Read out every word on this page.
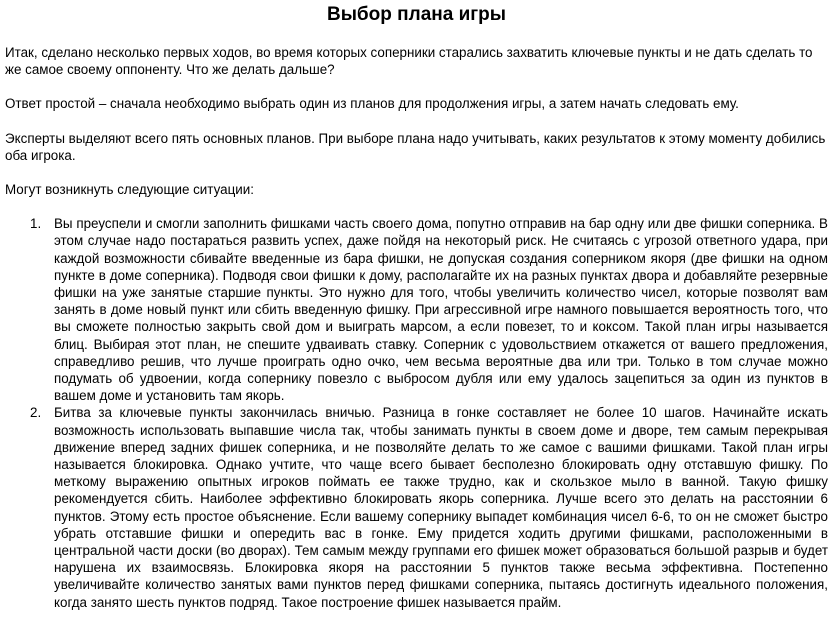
Выбор плана игры

Итак, сделано несколько первых ходов, во время которых соперники старались захватить ключевые пункты и не дать сделать то же самое своему оппоненту. Что же делать дальше?

Ответ простой – сначала необходимо выбрать один из планов для продолжения игры, а затем начать следовать ему.

Эксперты выделяют всего пять основных планов. При выборе плана надо учитывать, каких результатов к этому моменту добились оба игрока.

Могут возникнуть следующие ситуации:

1. Вы преуспели и смогли заполнить фишками часть своего дома, попутно отправив на бар одну или две фишки соперника. В этом случае надо постараться развить успех, даже пойдя на некоторый риск. Не считаясь с угрозой ответного удара, при каждой возможности сбивайте введенные из бара фишки, не допуская создания соперником якоря (две фишки на одном пункте в доме соперника). Подводя свои фишки к дому, располагайте их на разных пунктах двора и добавляйте резервные фишки на уже занятые старшие пункты. Это нужно для того, чтобы увеличить количество чисел, которые позволят вам занять в доме новый пункт или сбить введенную фишку. При агрессивной игре намного повышается вероятность того, что вы сможете полностью закрыть свой дом и выиграть марсом, а если повезет, то и коксом. Такой план игры называется блиц. Выбирая этот план, не спешите удваивать ставку. Соперник с удовольствием откажется от вашего предложения, справедливо решив, что лучше проиграть одно очко, чем весьма вероятные два или три. Только в том случае можно подумать об удвоении, когда сопернику повезло с выбросом дубля или ему удалось зацепиться за один из пунктов в вашем доме и установить там якорь.
2. Битва за ключевые пункты закончилась вничью. Разница в гонке составляет не более 10 шагов. Начинайте искать возможность использовать выпавшие числа так, чтобы занимать пункты в своем доме и дворе, тем самым перекрывая движение вперед задних фишек соперника, и не позволяйте делать то же самое с вашими фишками. Такой план игры называется блокировка. Однако учтите, что чаще всего бывает бесполезно блокировать одну отставшую фишку. По меткому выражению опытных игроков поймать ее также трудно, как и скользкое мыло в ванной. Такую фишку рекомендуется сбить. Наиболее эффективно блокировать якорь соперника. Лучше всего это делать на расстоянии 6 пунктов. Этому есть простое объяснение. Если вашему сопернику выпадет комбинация чисел 6-6, то он не сможет быстро убрать отставшие фишки и опередить вас в гонке. Ему придется ходить другими фишками, расположенными в центральной части доски (во дворах). Тем самым между группами его фишек может образоваться большой разрыв и будет нарушена их взаимосвязь. Блокировка якоря на расстоянии 5 пунктов также весьма эффективна. Постепенно увеличивайте количество занятых вами пунктов перед фишками соперника, пытаясь достигнуть идеального положения, когда занято шесть пунктов подряд. Такое построение фишек называется прайм.
